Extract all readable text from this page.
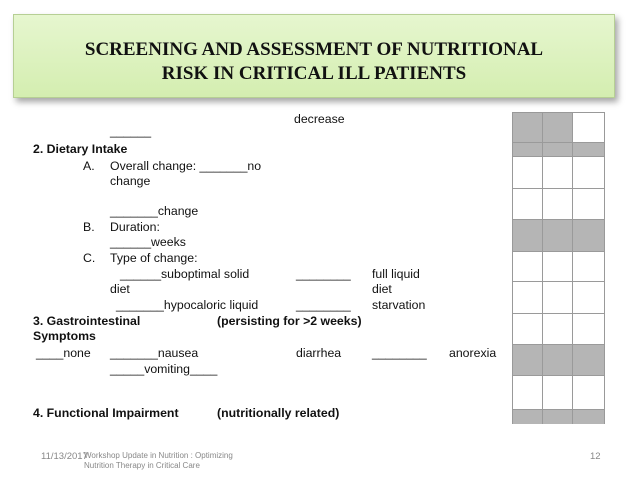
SCREENING AND ASSESSMENT OF NUTRITIONAL
RISK IN CRITICAL ILL PATIENTS
decrease
______
2. Dietary Intake
A. Overall change: _______no
change
_______change
B. Duration:
______weeks
C. Type of change:
______suboptimal solid	________ full liquid
diet	diet
_______hypocaloric liquid	________ starvation
3. Gastrointestinal	(persisting for >2 weeks)
Symptoms
____none _______nausea	diarrhea	________ anorexia
_____vomiting____
4. Functional Impairment	(nutritionally related)
11/13/2017
Workshop Update in Nutrition : Optimizing
Nutrition Therapy in Critical Care
12
